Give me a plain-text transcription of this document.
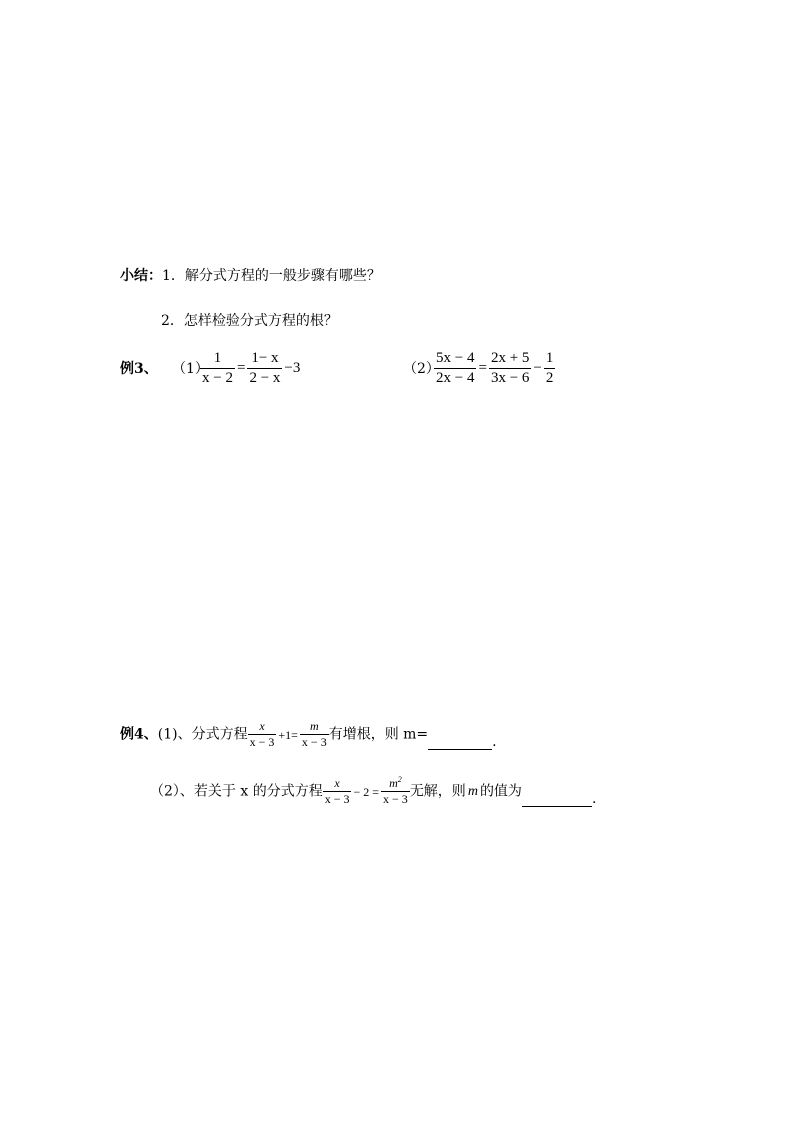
小结：1．解分式方程的一般步骤有哪些？
2．怎样检验分式方程的根？
例3、 （1）
$\frac{1}{x - 2} = \frac{1- x}{2 - x} -3$	（2）
$\frac{5x - 4}{2x - 4} = \frac{2x + 5}{3x - 6} - \frac{1}{2}$
例4、(1)、分式方程 $\frac{x}{x - 3} +1= \frac{m}{x - 3}$ 有增根，则 m=	.
（2）、若关于 x 的分式方程 $\frac{x}{x - 3} - 2 = \frac{m^2}{x - 3}$ 无解，则 m 的值为	.
